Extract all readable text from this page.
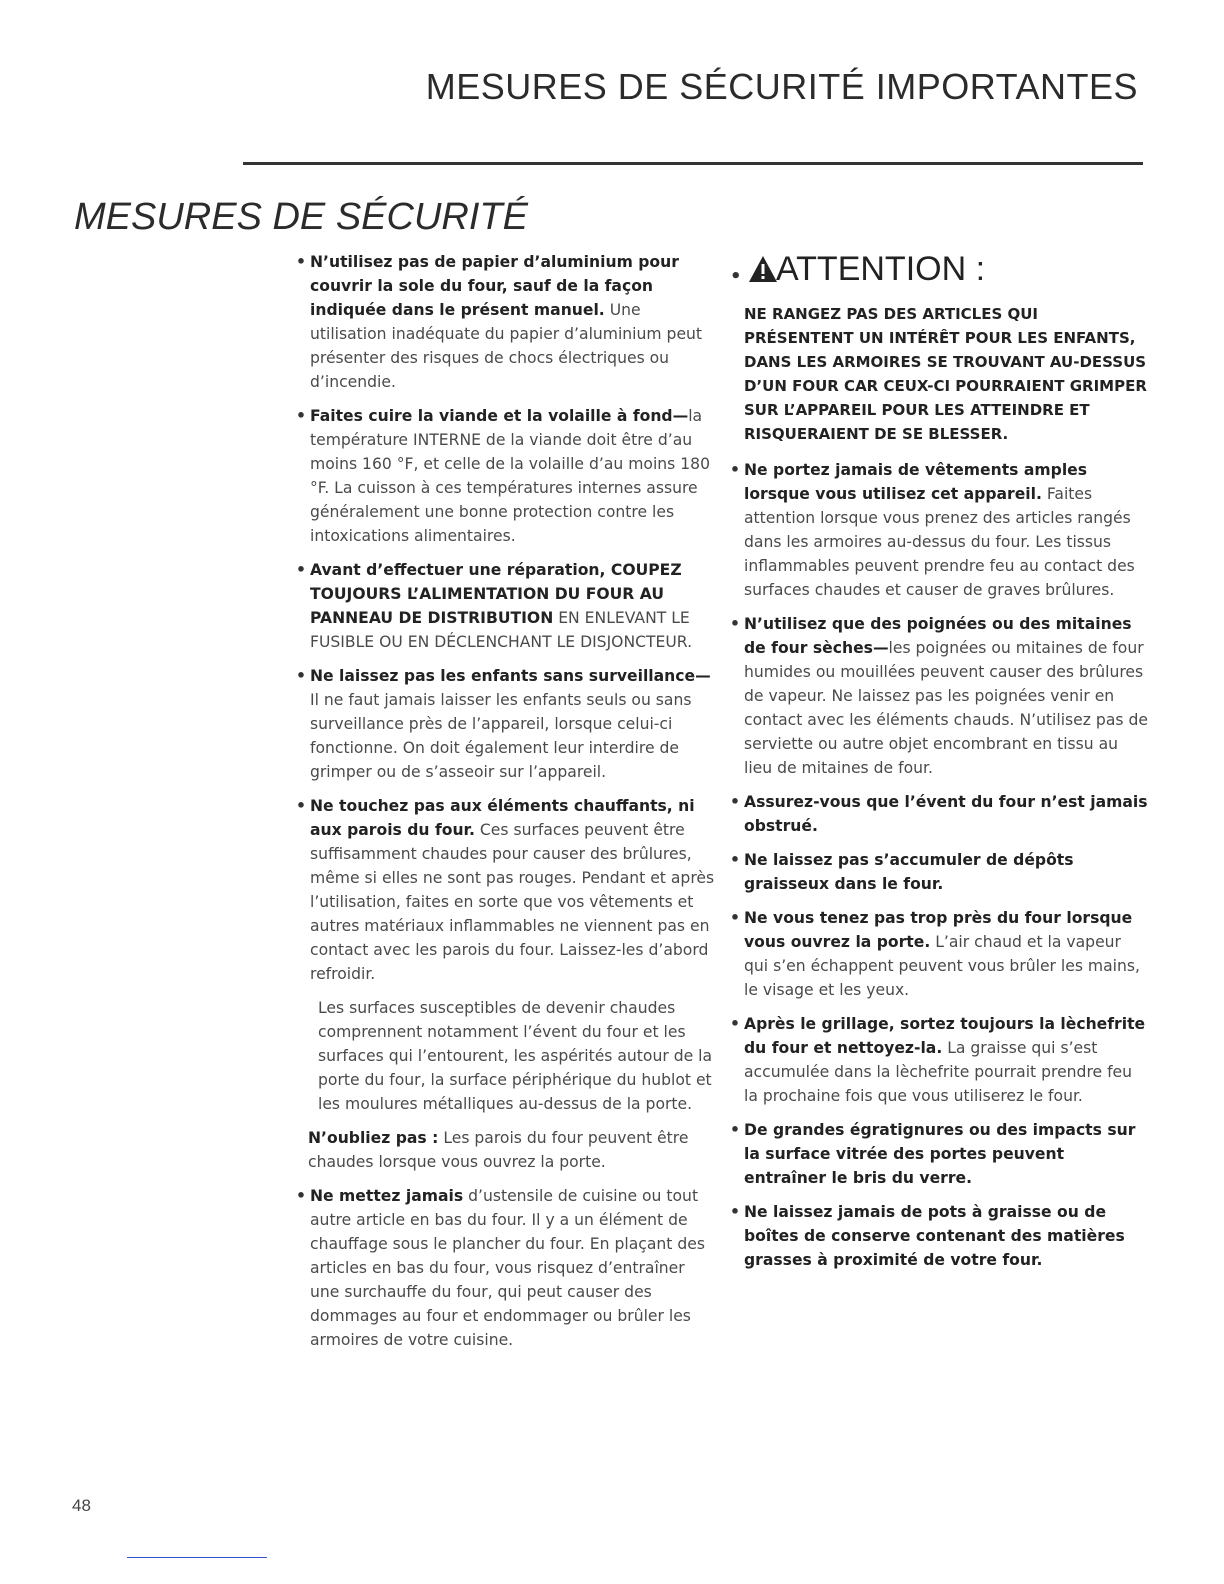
MESURES DE SÉCURITÉ IMPORTANTES
MESURES DE SÉCURITÉ
• N’utilisez pas de papier d’aluminium pour couvrir la sole du four, sauf de la façon indiquée dans le présent manuel. Une utilisation inadéquate du papier d’aluminium peut présenter des risques de chocs électriques ou d’incendie.
• Faites cuire la viande et la volaille à fond—la température INTERNE de la viande doit être d’au moins 160 °F, et celle de la volaille d’au moins 180 °F. La cuisson à ces températures internes assure généralement une bonne protection contre les intoxications alimentaires.
• Avant d’effectuer une réparation, COUPEZ TOUJOURS L’ALIMENTATION DU FOUR AU PANNEAU DE DISTRIBUTION EN ENLEVANT LE FUSIBLE OU EN DÉCLENCHANT LE DISJONCTEUR.
• Ne laissez pas les enfants sans surveillance—Il ne faut jamais laisser les enfants seuls ou sans surveillance près de l’appareil, lorsque celui-ci fonctionne. On doit également leur interdire de grimper ou de s’asseoir sur l’appareil.
• Ne touchez pas aux éléments chauffants, ni aux parois du four. Ces surfaces peuvent être suffisamment chaudes pour causer des brûlures, même si elles ne sont pas rouges. Pendant et après l’utilisation, faites en sorte que vos vêtements et autres matériaux inflammables ne viennent pas en contact avec les parois du four. Laissez-les d’abord refroidir.
Les surfaces susceptibles de devenir chaudes comprennent notamment l’évent du four et les surfaces qui l’entourent, les aspérités autour de la porte du four, la surface périphérique du hublot et les moulures métalliques au-dessus de la porte.
N’oubliez pas : Les parois du four peuvent être chaudes lorsque vous ouvrez la porte.
• Ne mettez jamais d’ustensile de cuisine ou tout autre article en bas du four. Il y a un élément de chauffage sous le plancher du four. En plaçant des articles en bas du four, vous risquez d’entraîner une surchauffe du four, qui peut causer des dommages au four et endommager ou brûler les armoires de votre cuisine.
• ATTENTION :
NE RANGEZ PAS DES ARTICLES QUI PRÉSENTENT UN INTÉRÊT POUR LES ENFANTS, DANS LES ARMOIRES SE TROUVANT AU-DESSUS D’UN FOUR CAR CEUX-CI POURRAIENT GRIMPER SUR L’APPAREIL POUR LES ATTEINDRE ET RISQUERAIENT DE SE BLESSER.
• Ne portez jamais de vêtements amples lorsque vous utilisez cet appareil. Faites attention lorsque vous prenez des articles rangés dans les armoires au-dessus du four. Les tissus inflammables peuvent prendre feu au contact des surfaces chaudes et causer de graves brûlures.
• N’utilisez que des poignées ou des mitaines de four sèches—les poignées ou mitaines de four humides ou mouillées peuvent causer des brûlures de vapeur. Ne laissez pas les poignées venir en contact avec les éléments chauds. N’utilisez pas de serviette ou autre objet encombrant en tissu au lieu de mitaines de four.
• Assurez-vous que l’évent du four n’est jamais obstrué.
• Ne laissez pas s’accumuler de dépôts graisseux dans le four.
• Ne vous tenez pas trop près du four lorsque vous ouvrez la porte. L’air chaud et la vapeur qui s’en échappent peuvent vous brûler les mains, le visage et les yeux.
• Après le grillage, sortez toujours la lèchefrite du four et nettoyez-la. La graisse qui s’est accumulée dans la lèchefrite pourrait prendre feu la prochaine fois que vous utiliserez le four.
• De grandes égratignures ou des impacts sur la surface vitrée des portes peuvent entraîner le bris du verre.
• Ne laissez jamais de pots à graisse ou de boîtes de conserve contenant des matières grasses à proximité de votre four.
48
